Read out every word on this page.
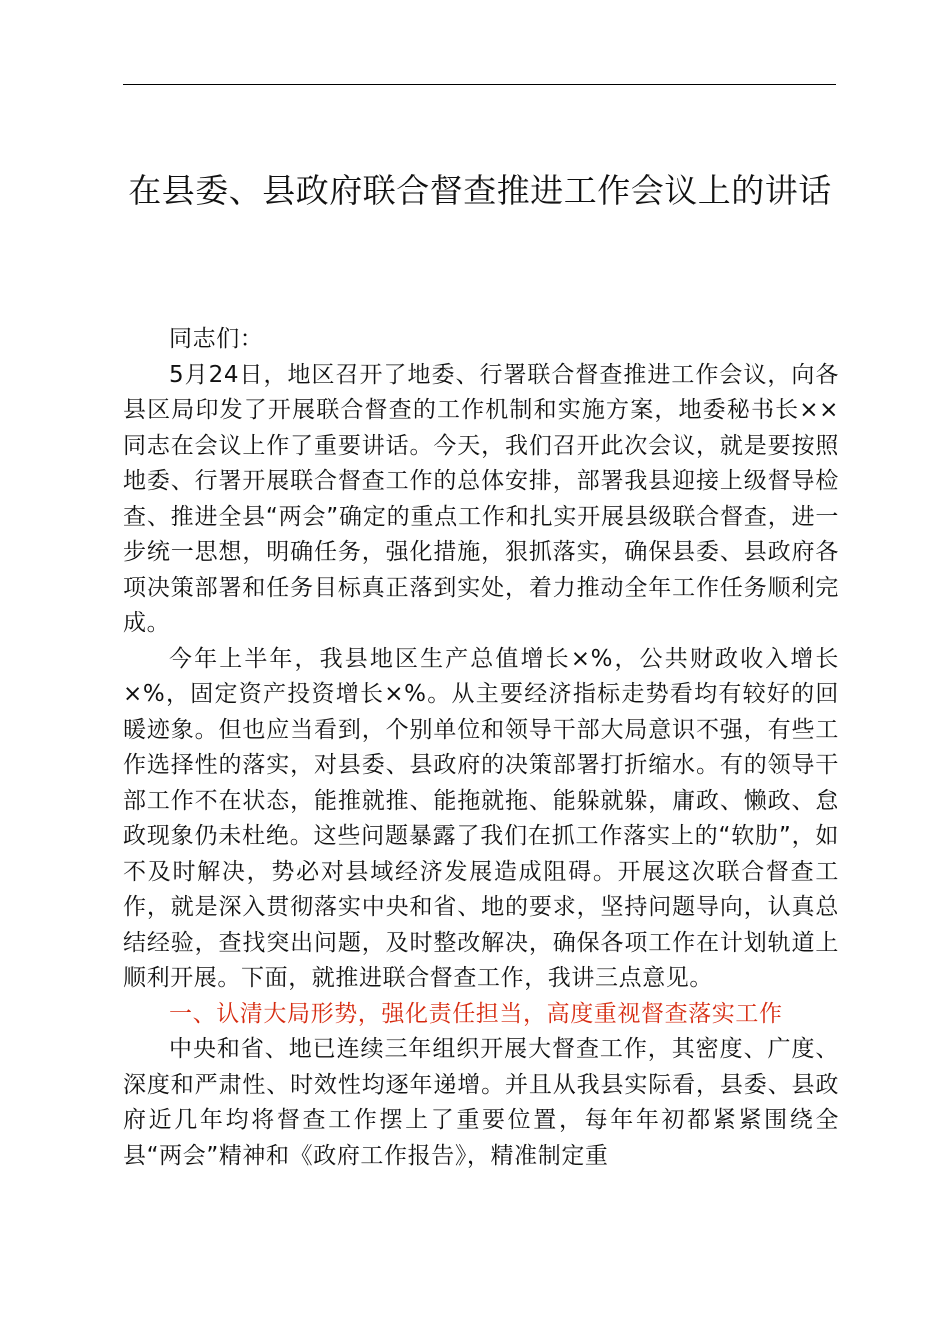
在县委、县政府联合督查推进工作会议上的讲话

同志们：

5月24日，地区召开了地委、行署联合督查推进工作会议，向各县区局印发了开展联合督查的工作机制和实施方案，地委秘书长××同志在会议上作了重要讲话。今天，我们召开此次会议，就是要按照地委、行署开展联合督查工作的总体安排，部署我县迎接上级督导检查、推进全县“两会”确定的重点工作和扎实开展县级联合督查，进一步统一思想，明确任务，强化措施，狠抓落实，确保县委、县政府各项决策部署和任务目标真正落到实处，着力推动全年工作任务顺利完成。

今年上半年，我县地区生产总值增长×%，公共财政收入增长×%，固定资产投资增长×%。从主要经济指标走势看均有较好的回暖迹象。但也应当看到，个别单位和领导干部大局意识不强，有些工作选择性的落实，对县委、县政府的决策部署打折缩水。有的领导干部工作不在状态，能推就推、能拖就拖、能躲就躲，庸政、懒政、怠政现象仍未杜绝。这些问题暴露了我们在抓工作落实上的“软肋”，如不及时解决，势必对县域经济发展造成阻碍。开展这次联合督查工作，就是深入贯彻落实中央和省、地的要求，坚持问题导向，认真总结经验，查找突出问题，及时整改解决，确保各项工作在计划轨道上顺利开展。下面，就推进联合督查工作，我讲三点意见。

一、认清大局形势，强化责任担当，高度重视督查落实工作

中央和省、地已连续三年组织开展大督查工作，其密度、广度、深度和严肃性、时效性均逐年递增。并且从我县实际看，县委、县政府近几年均将督查工作摆上了重要位置，每年年初都紧紧围绕全县“两会”精神和《政府工作报告》，精准制定重
